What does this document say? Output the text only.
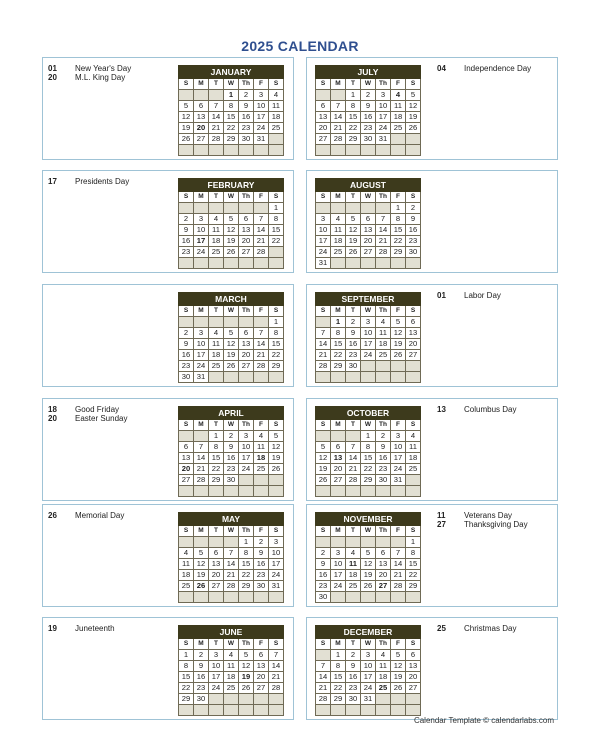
2025 CALENDAR
01 New Year's Day
20 M.L. King Day
JANUARY						
S	M	T	W	Th	F	S
			1	2	3	4
5	6	7	8	9	10	11
12	13	14	15	16	17	18
19	20	21	22	23	24	25
26	27	28	29	30	31	

17 Presidents Day	FEBRUARY						
S	M	T	W	Th	F	S
						1
2	3	4	5	6	7	8
9	10	11	12	13	14	15
16	17	18	19	20	21	22
23	24	25	26	27	28	

MARCH						
S	M	T	W	Th	F	S
						1
2	3	4	5	6	7	8
9	10	11	12	13	14	15
16	17	18	19	20	21	22
23	24	25	26	27	28	29
30	31					
18 Good Friday
20 Easter Sunday
APRIL						
S	M	T	W	Th	F	S
		1	2	3	4	5
6	7	8	9	10	11	12
13	14	15	16	17	18	19
20	21	22	23	24	25	26
27	28	29	30			

26 Memorial Day	MAY						
S	M	T	W	Th	F	S
				1	2	3
4	5	6	7	8	9	10
11	12	13	14	15	16	17
18	19	20	21	22	23	24
25	26	27	28	29	30	31

19 Juneteenth	JUNE						
S	M	T	W	Th	F	S
1	2	3	4	5	6	7
8	9	10	11	12	13	14
15	16	17	18	19	20	21
22	23	24	25	26	27	28
29	30					

04 Independence Day
JULY						
S	M	T	W	Th	F	S
		1	2	3	4	5
6	7	8	9	10	11	12
13	14	15	16	17	18	19
20	21	22	23	24	25	26
27	28	29	30	31		

AUGUST						
S	M	T	W	Th	F	S
					1	2
3	4	5	6	7	8	9
10	11	12	13	14	15	16
17	18	19	20	21	22	23
24	25	26	27	28	29	30
31						
01 Labor Day
SEPTEMBER						
S	M	T	W	Th	F	S
	1	2	3	4	5	6
7	8	9	10	11	12	13
14	15	16	17	18	19	20
21	22	23	24	25	26	27
28	29	30				

13 Columbus Day
OCTOBER						
S	M	T	W	Th	F	S
			1	2	3	4
5	6	7	8	9	10	11
12	13	14	15	16	17	18
19	20	21	22	23	24	25
26	27	28	29	30	31	

11 Veterans Day
27 Thanksgiving Day
NOVEMBER						
S	M	T	W	Th	F	S
						1
2	3	4	5	6	7	8
9	10	11	12	13	14	15
16	17	18	19	20	21	22
23	24	25	26	27	28	29
30						
25 Christmas Day
DECEMBER						
S	M	T	W	Th	F	S
	1	2	3	4	5	6
7	8	9	10	11	12	13
14	15	16	17	18	19	20
21	22	23	24	25	26	27
28	29	30	31			

Calendar Template © calendarlabs.com
